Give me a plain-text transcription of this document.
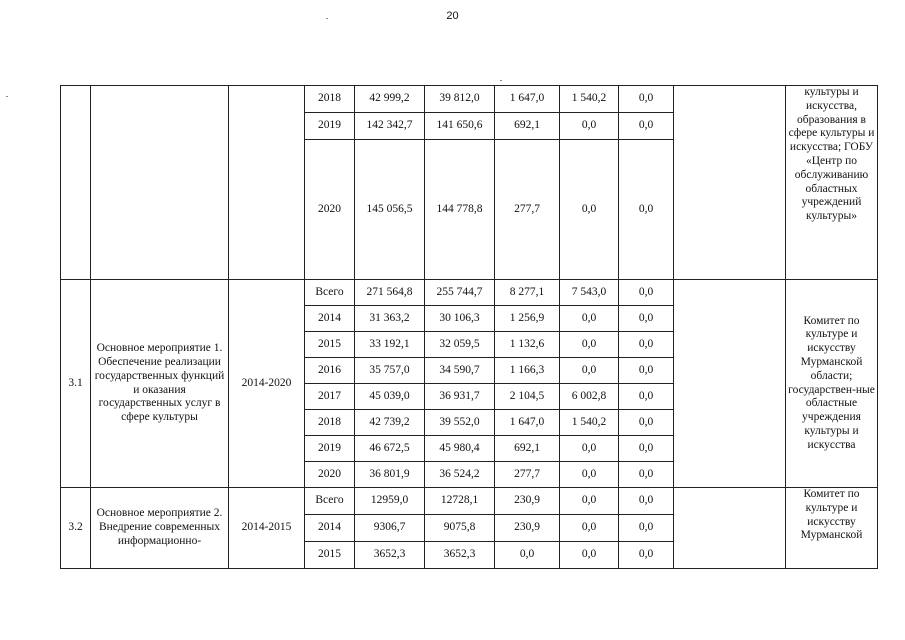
20
			2018	42 999,2	39 812,0	1 647,0	1 540,2	0,0		культуры и искусства, образования в сфере культуры и искусства; ГОБУ «Центр по обслуживанию областных учреждений культуры»

			2019	142 342,7	141 650,6	692,1	0,0	0,0		
			2020	145 056,5	144 778,8	277,7	0,0	0,0		
3.1	Основное мероприятие 1. Обеспечение реализации государственных функций и оказания государственных услуг в сфере культуры	2014-2020	Всего	271 564,8	255 744,7	8 277,1	7 543,0	0,0		Комитет по культуре и искусству Мурманской области; государствен-ные областные учреждения культуры и искусства
			2014	31 363,2	30 106,3	1 256,9	0,0	0,0		
			2015	33 192,1	32 059,5	1 132,6	0,0	0,0		
			2016	35 757,0	34 590,7	1 166,3	0,0	0,0		
			2017	45 039,0	36 931,7	2 104,5	6 002,8	0,0		
			2018	42 739,2	39 552,0	1 647,0	1 540,2	0,0		
			2019	46 672,5	45 980,4	692,1	0,0	0,0		
			2020	36 801,9	36 524,2	277,7	0,0	0,0		
3.2	Основное мероприятие 2. Внедрение современных информационно-	2014-2015	Всего	12959,0	12728,1	230,9	0,0	0,0		Комитет по культуре и искусству Мурманской
			2014	9306,7	9075,8	230,9	0,0	0,0		
			2015	3652,3	3652,3	0,0	0,0	0,0		
